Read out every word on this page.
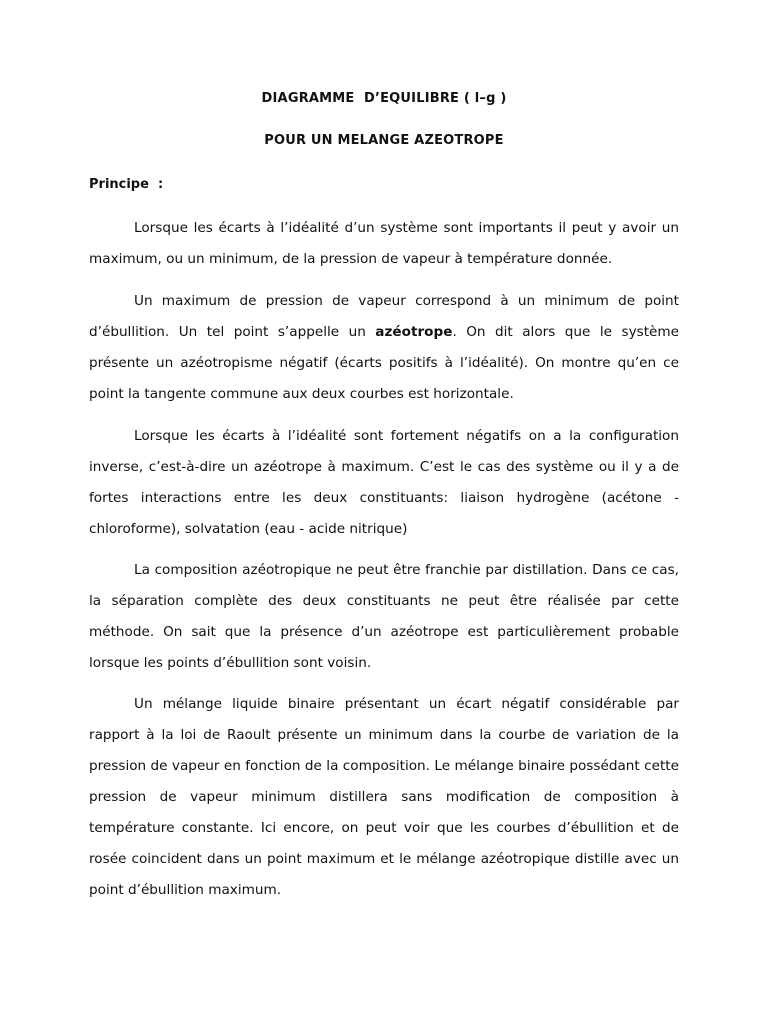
DIAGRAMME  D’EQUILIBRE ( l–g )

POUR UN MELANGE AZEOTROPE

Principe  :

Lorsque les écarts à l’idéalité d’un système sont importants il peut y avoir un maximum, ou un minimum, de la pression de vapeur à température donnée.

Un maximum de pression de vapeur correspond à un minimum de point d’ébullition. Un tel point s’appelle un azéotrope. On dit alors que le système présente un azéotropisme négatif (écarts positifs à l’idéalité). On montre qu’en ce point la tangente commune aux deux courbes est horizontale.

Lorsque les écarts à l’idéalité sont fortement négatifs on a la configuration inverse, c’est-à-dire un azéotrope à maximum. C’est le cas des système ou il y a de fortes interactions entre les deux constituants: liaison hydrogène (acétone - chloroforme), solvatation (eau - acide nitrique)

La composition azéotropique ne peut être franchie par distillation. Dans ce cas, la séparation complète des deux constituants ne peut être réalisée par cette méthode. On sait que la présence d’un azéotrope est particulièrement probable lorsque les points d’ébullition sont voisin.

Un mélange liquide binaire présentant un écart négatif considérable par rapport à la loi de Raoult présente un minimum dans la courbe de variation de la pression de vapeur en fonction de la composition. Le mélange binaire possédant cette pression de vapeur minimum distillera sans modification de composition à température constante. Ici encore, on peut voir que les courbes d’ébullition et de rosée coincident dans un point maximum et le mélange azéotropique distille avec un point d’ébullition maximum.
